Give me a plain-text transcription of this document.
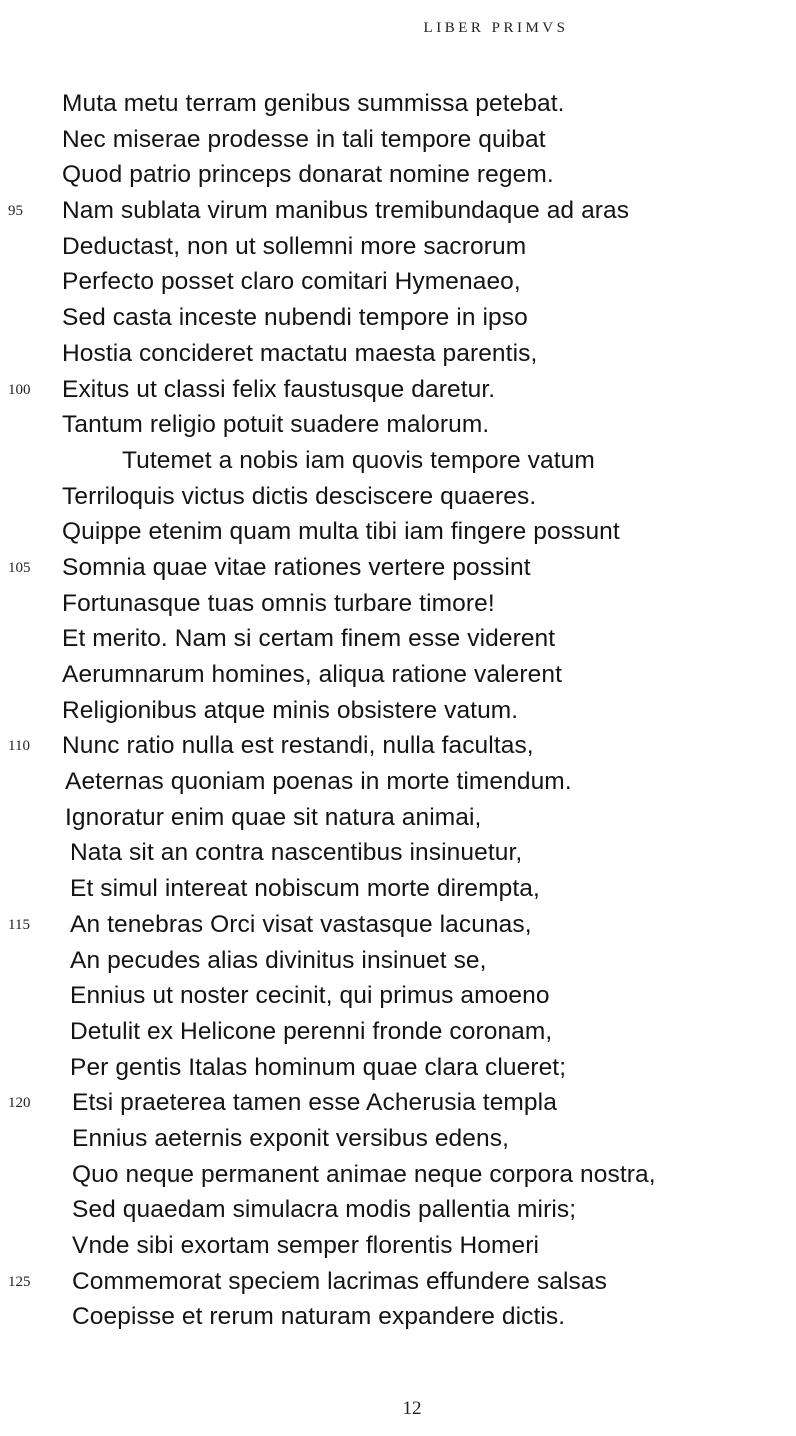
LIBER PRIMVS
Muta metu terram genibus summissa petebat.
Nec miserae prodesse in tali tempore quibat
Quod patrio princeps donarat nomine regem.
95	Nam sublata virum manibus tremibundaque ad aras
Deductast, non ut sollemni more sacrorum
Perfecto posset claro comitari Hymenaeo,
Sed casta inceste nubendi tempore in ipso
Hostia concideret mactatu maesta parentis,
100	Exitus ut classi felix faustusque daretur.
Tantum religio potuit suadere malorum.
Tutemet a nobis iam quovis tempore vatum
Terriloquis victus dictis desciscere quaeres.
Quippe etenim quam multa tibi iam fingere possunt
105	Somnia quae vitae rationes vertere possint
Fortunasque tuas omnis turbare timore!
Et merito. Nam si certam finem esse viderent
Aerumnarum homines, aliqua ratione valerent
Religionibus atque minis obsistere vatum.
110	Nunc ratio nulla est restandi, nulla facultas,
Aeternas quoniam poenas in morte timendum.
Ignoratur enim quae sit natura animai,
Nata sit an contra nascentibus insinuetur,
Et simul intereat nobiscum morte dirempta,
115	An tenebras Orci visat vastasque lacunas,
An pecudes alias divinitus insinuet se,
Ennius ut noster cecinit, qui primus amoeno
Detulit ex Helicone perenni fronde coronam,
Per gentis Italas hominum quae clara clueret;
120	Etsi praeterea tamen esse Acherusia templa
Ennius aeternis exponit versibus edens,
Quo neque permanent animae neque corpora nostra,
Sed quaedam simulacra modis pallentia miris;
Vnde sibi exortam semper florentis Homeri
125	Commemorat speciem lacrimas effundere salsas
Coepisse et rerum naturam expandere dictis.
12
